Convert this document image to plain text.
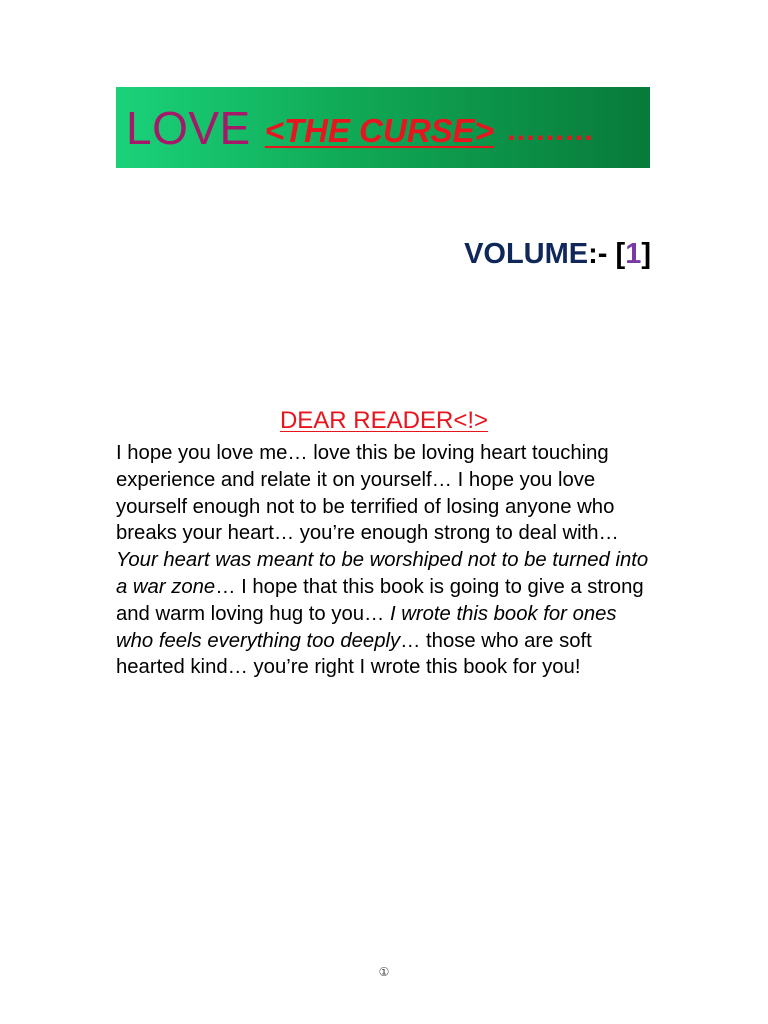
LOVE <THE CURSE> ………
VOLUME:- [1]
DEAR READER<!>
I hope you love me… love this be loving heart touching experience and relate it on yourself… I hope you love yourself enough not to be terrified of losing anyone who breaks your heart… you’re enough strong to deal with… Your heart was meant to be worshiped not to be turned into a war zone… I hope that this book is going to give a strong and warm loving hug to you… I wrote this book for ones who feels everything too deeply… those who are soft hearted kind… you’re right I wrote this book for you!
①
